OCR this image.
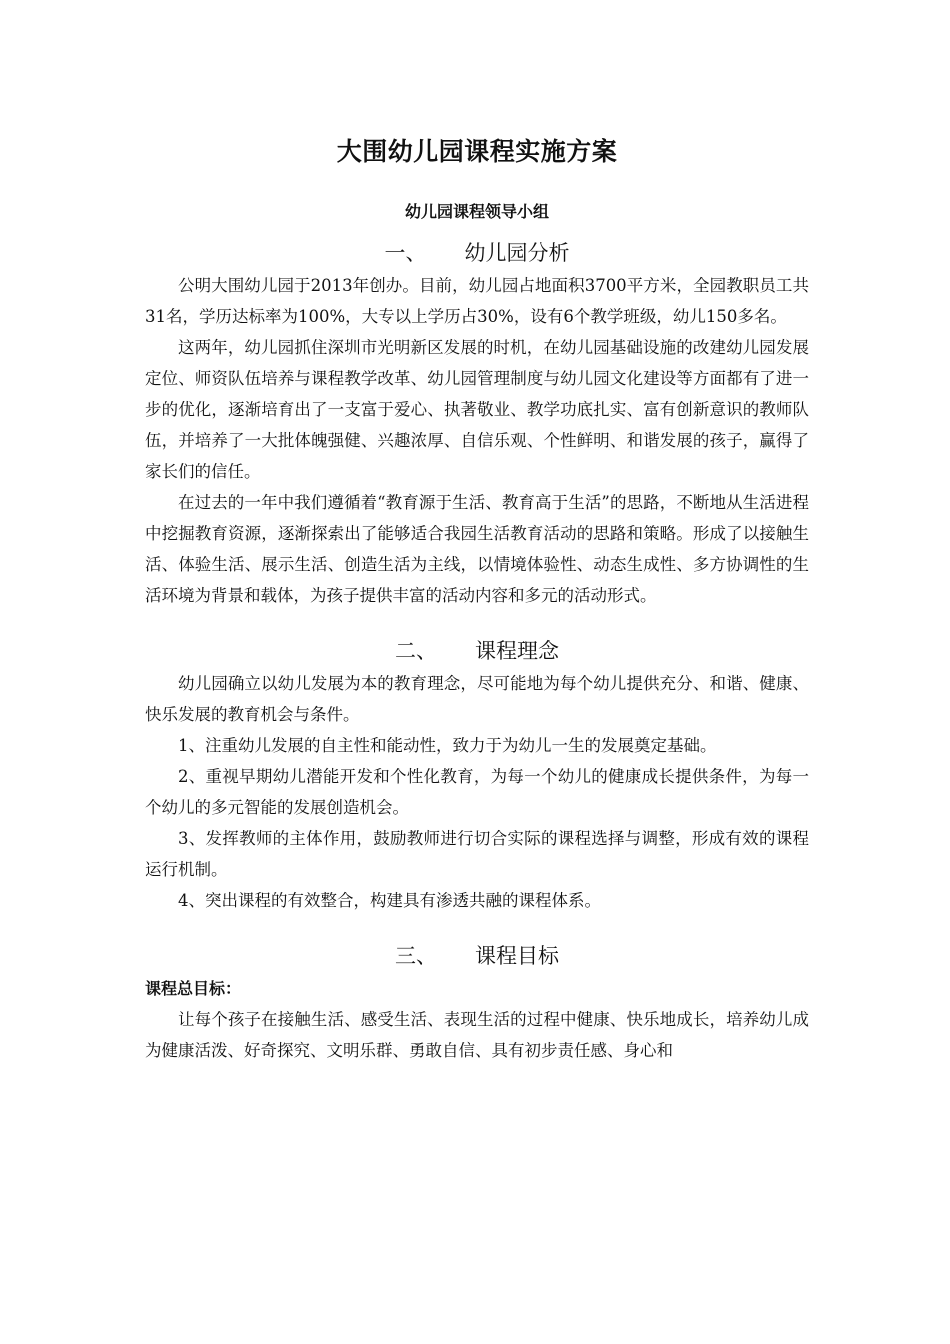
大围幼儿园课程实施方案
幼儿园课程领导小组
一、 幼儿园分析

公明大围幼儿园于2013年创办。目前，幼儿园占地面积3700平方米，全园教职员工共31名，学历达标率为100%，大专以上学历占30%，设有6个教学班级，幼儿150多名。

这两年，幼儿园抓住深圳市光明新区发展的时机，在幼儿园基础设施的改建幼儿园发展定位、师资队伍培养与课程教学改革、幼儿园管理制度与幼儿园文化建设等方面都有了进一步的优化，逐渐培育出了一支富于爱心、执著敬业、教学功底扎实、富有创新意识的教师队伍，并培养了一大批体魄强健、兴趣浓厚、自信乐观、个性鲜明、和谐发展的孩子，赢得了家长们的信任。

在过去的一年中我们遵循着“教育源于生活、教育高于生活”的思路，不断地从生活进程中挖掘教育资源，逐渐探索出了能够适合我园生活教育活动的思路和策略。形成了以接触生活、体验生活、展示生活、创造生活为主线，以情境体验性、动态生成性、多方协调性的生活环境为背景和载体，为孩子提供丰富的活动内容和多元的活动形式。

二、 课程理念

幼儿园确立以幼儿发展为本的教育理念，尽可能地为每个幼儿提供充分、和谐、健康、快乐发展的教育机会与条件。

1、注重幼儿发展的自主性和能动性，致力于为幼儿一生的发展奠定基础。

2、重视早期幼儿潜能开发和个性化教育，为每一个幼儿的健康成长提供条件，为每一个幼儿的多元智能的发展创造机会。

3、发挥教师的主体作用，鼓励教师进行切合实际的课程选择与调整，形成有效的课程运行机制。

4、突出课程的有效整合，构建具有渗透共融的课程体系。

三、 课程目标

课程总目标：

让每个孩子在接触生活、感受生活、表现生活的过程中健康、快乐地成长，培养幼儿成为健康活泼、好奇探究、文明乐群、勇敢自信、具有初步责任感、身心和
